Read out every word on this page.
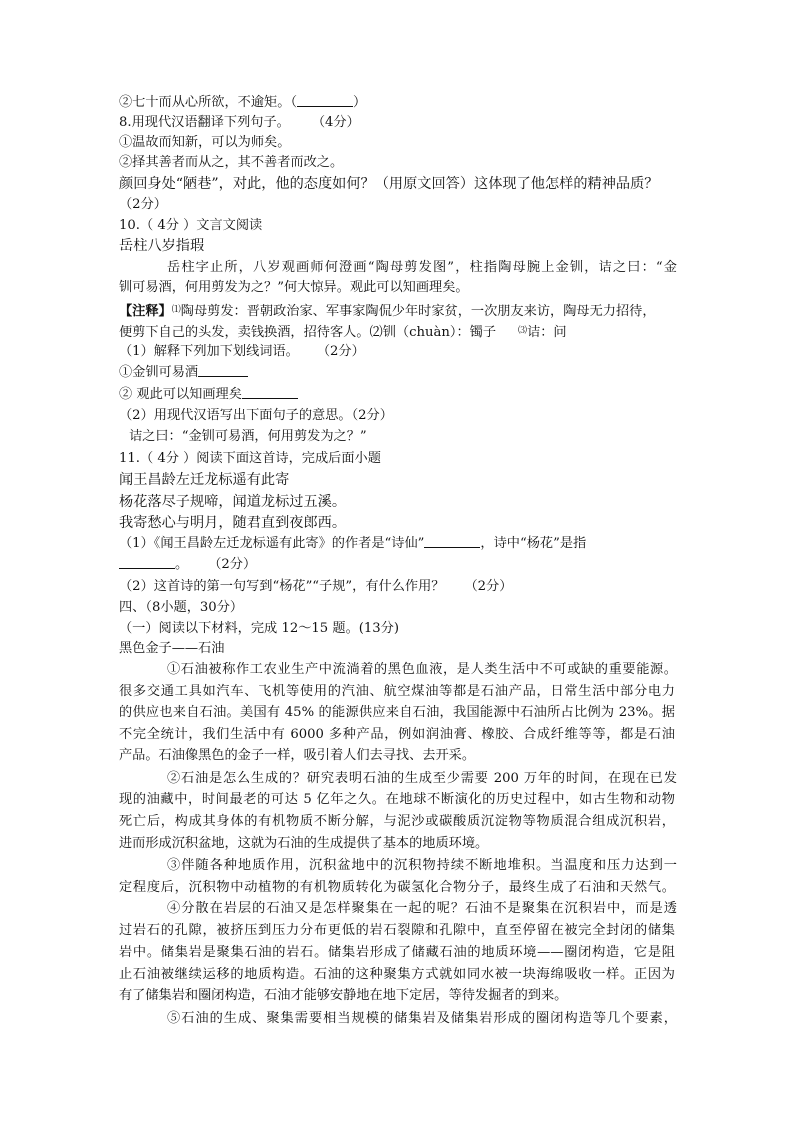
②七十而从心所欲，不逾矩。（	）
8.用现代汉语翻译下列句子。 （4分）
①温故而知新，可以为师矣。
②择其善者而从之，其不善者而改之。
颜回身处“陋巷”，对此，他的态度如何？（用原文回答）这体现了他怎样的精神品质？
（2分）
10.（ 4分 ）文言文阅读
岳柱八岁指瑕
岳柱字止所，八岁观画师何澄画“陶母剪发图”，柱指陶母腕上金钏，诘之曰：“金
钏可易酒，何用剪发为之？”何大惊异。观此可以知画理矣。
【注释】⑴陶母剪发：晋朝政治家、军事家陶侃少年时家贫，一次朋友来访，陶母无力招待，
便剪下自己的头发，卖钱换酒，招待客人。⑵钏（chuàn）：镯子 ⑶诘：问
（1）解释下列加下划线词语。 （2分）
①金钏可易酒
② 观此可以知画理矣
（2）用现代汉语写出下面句子的意思。（2分）
诘之曰：“金钏可易酒，何用剪发为之？”
11.（ 4分 ）阅读下面这首诗，完成后面小题
闻王昌龄左迁龙标遥有此寄
杨花落尽子规啼，闻道龙标过五溪。
我寄愁心与明月，随君直到夜郎西。
（1）《闻王昌龄左迁龙标遥有此寄》的作者是“诗仙”	，诗中“杨花”是指
。 （2分）
（2）这首诗的第一句写到“杨花”“子规”，有什么作用？ （2分）
四、（8小题，30分）
（一）阅读以下材料，完成 12～15 题。(13分)
黑色金子——石油
①石油被称作工农业生产中流淌着的黑色血液，是人类生活中不可或缺的重要能源。
很多交通工具如汽车、飞机等使用的汽油、航空煤油等都是石油产品，日常生活中部分电力
的供应也来自石油。美国有 45% 的能源供应来自石油，我国能源中石油所占比例为 23%。据
不完全统计，我们生活中有 6000 多种产品，例如润油膏、橡胶、合成纤维等等，都是石油
产品。石油像黑色的金子一样，吸引着人们去寻找、去开采。
②石油是怎么生成的？研究表明石油的生成至少需要 200 万年的时间，在现在已发
现的油藏中，时间最老的可达 5 亿年之久。在地球不断演化的历史过程中，如古生物和动物
死亡后，构成其身体的有机物质不断分解，与泥沙或碳酸质沉淀物等物质混合组成沉积岩，
进而形成沉积盆地，这就为石油的生成提供了基本的地质环境。
③伴随各种地质作用，沉积盆地中的沉积物持续不断地堆积。当温度和压力达到一
定程度后，沉积物中动植物的有机物质转化为碳氢化合物分子，最终生成了石油和天然气。
④分散在岩层的石油又是怎样聚集在一起的呢？石油不是聚集在沉积岩中，而是透
过岩石的孔隙，被挤压到压力分布更低的岩石裂隙和孔隙中，直至停留在被完全封闭的储集
岩中。储集岩是聚集石油的岩石。储集岩形成了储藏石油的地质环境——圈闭构造，它是阻
止石油被继续运移的地质构造。石油的这种聚集方式就如同水被一块海绵吸收一样。正因为
有了储集岩和圈闭构造，石油才能够安静地在地下定居，等待发掘者的到来。
⑤石油的生成、聚集需要相当规模的储集岩及储集岩形成的圈闭构造等几个要素，
